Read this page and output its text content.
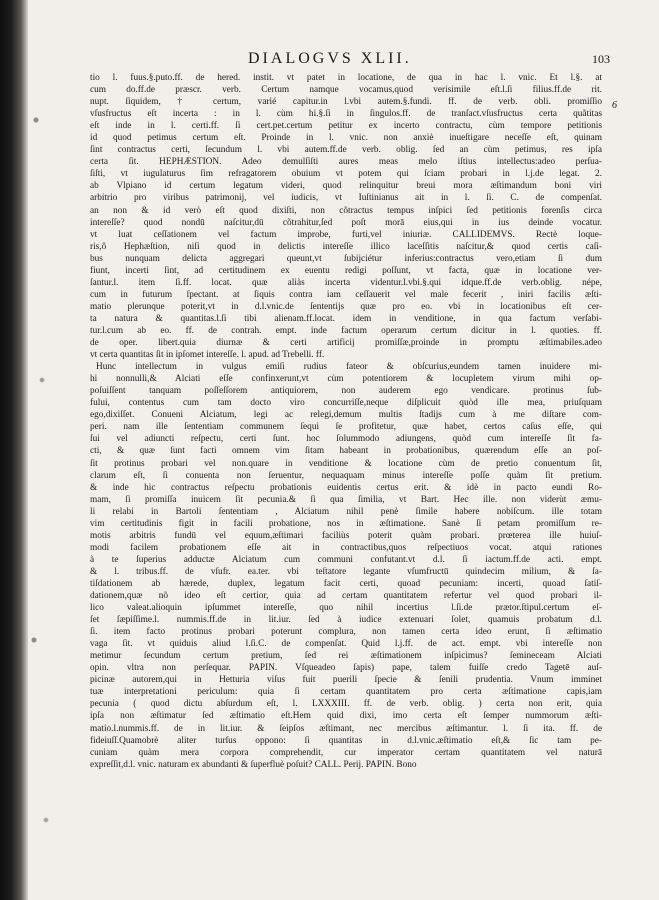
DIALOGVS XLII.	103
6
tio l. fuus.§.puto.ff. de hered. instit. vt patet in locatione, de qua in hac l. vnic. Et l.§. at
cum do.ff.de præscr. verb. Certum namque vocamus,quod verisimile eſt.l.ſi filius.ff.de rit.
nupt. ſiquidem, † certum, varié capitur.in l.vbi autem.§.fundi. ff. de verb. obli. promiſſio
vſusfructus eſt incerta : in l. cùm hi.§.ſi in ſingulos.ff. de tranſact.vſusfructus certa quãtitas
eſt inde in l. certi.ff. ſi cert.pet.certum petitur ex incerto contractu, cùm tempore petitionis
id quod petimus certum eſt. Proinde in l. vnic. non anxiè inueſtigare neceſſe eſt, quinam
ſint contractus certi, ſecundum l. vbi autem.ff.de verb. oblig. ſed an cùm petimus, res ipſa
certa ſit. HEPHÆSTION. Adeo demulſiſti aures meas melo iſtius intellectus:adeo perſua-
ſiſti, vt iugulaturus ſim refragatorem obuium vt potem qui ſciam probari in l.j.de legat. 2.
ab Vlpiano id certum legatum videri, quod relinquitur breui mora æſtimandum boni viri
arbitrio pro viribus patrimonij, vel iudicis, vt Iuſtinianus ait in l. ſi. C. de compenſat.
an non & id verò eſt quod dixiſti, non cõtractus tempus inſpici ſed petitionis forenſis circa
intereſſe? quod nondū naſcitur,dū cõtrahitur,ſed poſt morā eius,qui in ius deinde vocatur.
vt luat ceſſationem vel factum improbe, furti,vel iniuriæ. CALLIDEMVS. Rectè loque-
ris,ô Hephæſtion, niſi quod in delictis intereſſe illico laceſſitis naſcitur,& quod certis caſi-
bus nunquam delicta aggregari queunt,vt ſubijciétur inferius:contractus vero,etiam ſi dum
fiunt, incerti ſint, ad certitudinem ex euentu redigi poſſunt, vt facta, quæ in locatione ver-
ſantur.l. item ſi.ff. locat. quæ aliàs incerta videntur.l.vbi.§.qui idque.ff.de verb.oblig. népe,
cum in futurum ſpectant. at ſiquis contra iam ceſſauerit vel male fecerit , iniri facilis æſti-
matio plerunque poterit,vt in d.l.vnic.de ſententijs quæ pro eo. vbi in locationibus eſt cer-
ta natura & quantitas.l.ſi tibi alienam.ff.locat. idem in venditione, in qua factum verſabi-
tur.l.cum ab eo. ff. de contrah. empt. inde factum operarum certum dicitur in l. quoties. ff.
de oper. libert.quia diurnæ & certi artificij promiſſæ,proinde in promptu æſtimabiles.adeo
vt certa quantitas ſit in ipſomet intereſſe. l. apud. ad Trebelli. ff.
Hunc intellectum in vulgus emiſi rudius fateor & obſcurius,eundem tamen inuidere mi-
hi nonnulli,& Alciati eſſe confinxerunt,vt cùm potentiorem & locupletem virum mihi op-
poſuiſſent tanquam poſſeſſorem antiquiorem, non auderem ego vendicare. protinus ſub-
fului, contentus cum tam docto viro concurriſſe,neque diſplicuit quòd ille mea, priuſquam
ego,dixiſſet. Conueni Alciatum, legi ac relegi,demum multis ſtadijs cum à me diſtare com-
peri. nam ille ſententiam communem ſequi ſe profitetur, quæ habet, certos caſus eſſe, qui
ſui vel adiuncti reſpectu, certi ſunt. hoc ſolummodo adiungens, quòd cum intereſſe ſit fa-
cti, & quæ ſunt facti omnem vim ſitam habeant in probationibus, quærendum eſſe an poſ-
ſit protinus probari vel non.quare in venditione & locatione cùm de pretio conuentum ſit,
clarum eſt, ſi conuenta non ſeruentur, nequaquam minus intereſſe poſſe quàm ſit pretium.
& inde hic contractus reſpectu probationis euidentis certus erit. & idè in pacto eundi Ro-
mam, ſi promiſſa inuicem ſit pecunia.& ſi qua ſimilia, vt Bart. Hec ille. non viderùt æmu-
li relabi in Bartoli ſententiam , Alciatum nihil penè ſimile habere nobiſcum. ille totam
vim certitudinis figit in facili probatione, nos in æſtimatione. Sanè ſi petam promiſſum re-
motis arbitris fundū vel equum,æſtimari faciliùs poterit quàm probari. prœterea ille huiuſ-
modi facilem probationem eſſe ait in contractibus,quos reſpectiuos vocat. atqui rationes
à te ſuperius adductæ Alciatum cum communi confutant.vt d.l. ſi iactum.ff.de acti. empt.
& l. tribus.ff. de vſufr. ea.ter. vbi teſtatore legante vſumfructū quindecim milium, & ſa-
tiſdationem ab hærede, duplex, legatum facit certi, quoad pecuniam: incerti, quoad ſatiſ-
dationem,quæ nõ ideo eſt certior, quia ad certam quantitatem refertur vel quod probari il-
lico valeat.alioquin ipſummet intereſſe, quo nihil incertius l.ſi.de prætor.ſtipul.certum eſ-
ſet ſæpiſſime.l. nummis.ff.de in lit.iur. ſed à iudice extenuari ſolet, quamuis probatum d.l.
ſi. item facto protinus probari poterunt complura, non tamen certa ideo erunt, ſi æſtimatio
vaga ſit. vt quiduis aliud l.ſi.C. de compenſat. Quid l.j.ff. de act. empt. vbi intereſſe non
metimur ſecundum certum pretium, ſed rei æſtimationem inſpicimus? ſemineceam Alciati
opin. vltra non perſequar. PAPIN. Vſqueadeo ſapis) pape, talem fuiſſe credo Tagetē auſ-
picinæ autorem,qui in Hetturia viſus fuit puerili ſpecie & ſenili prudentia. Vnum imminet
tuæ interpretationi periculum: quia ſi certam quantitatem pro certa æſtimatione capis,iam
pecunia ( quod dictu abſurdum eſt, l. LXXXIII. ff. de verb. oblig. ) certa non erit, quia
ipſa non æſtimatur ſed æſtimatio eſt.Hem quid dixi, imo certa eſt ſemper nummorum æſti-
matio.l.nummis.ff. de in lit.iur. & ſeipſos æſtimant, nec mercibus æſtimantur. l. ſi ita. ff. de
fideiuſſ.Quamobrè aliter turſus oppono: ſi quantitas in d.l.vnic.æſtimatio eſt,& ſic tam pe-
cuniam quàm mera corpora comprehendit, cur imperator certam quantitatem vel naturā
expreſſit,d.l. vnic. naturam ex abundanti & ſuperfluè poſuit? CALL. Perij. PAPIN. Bono
